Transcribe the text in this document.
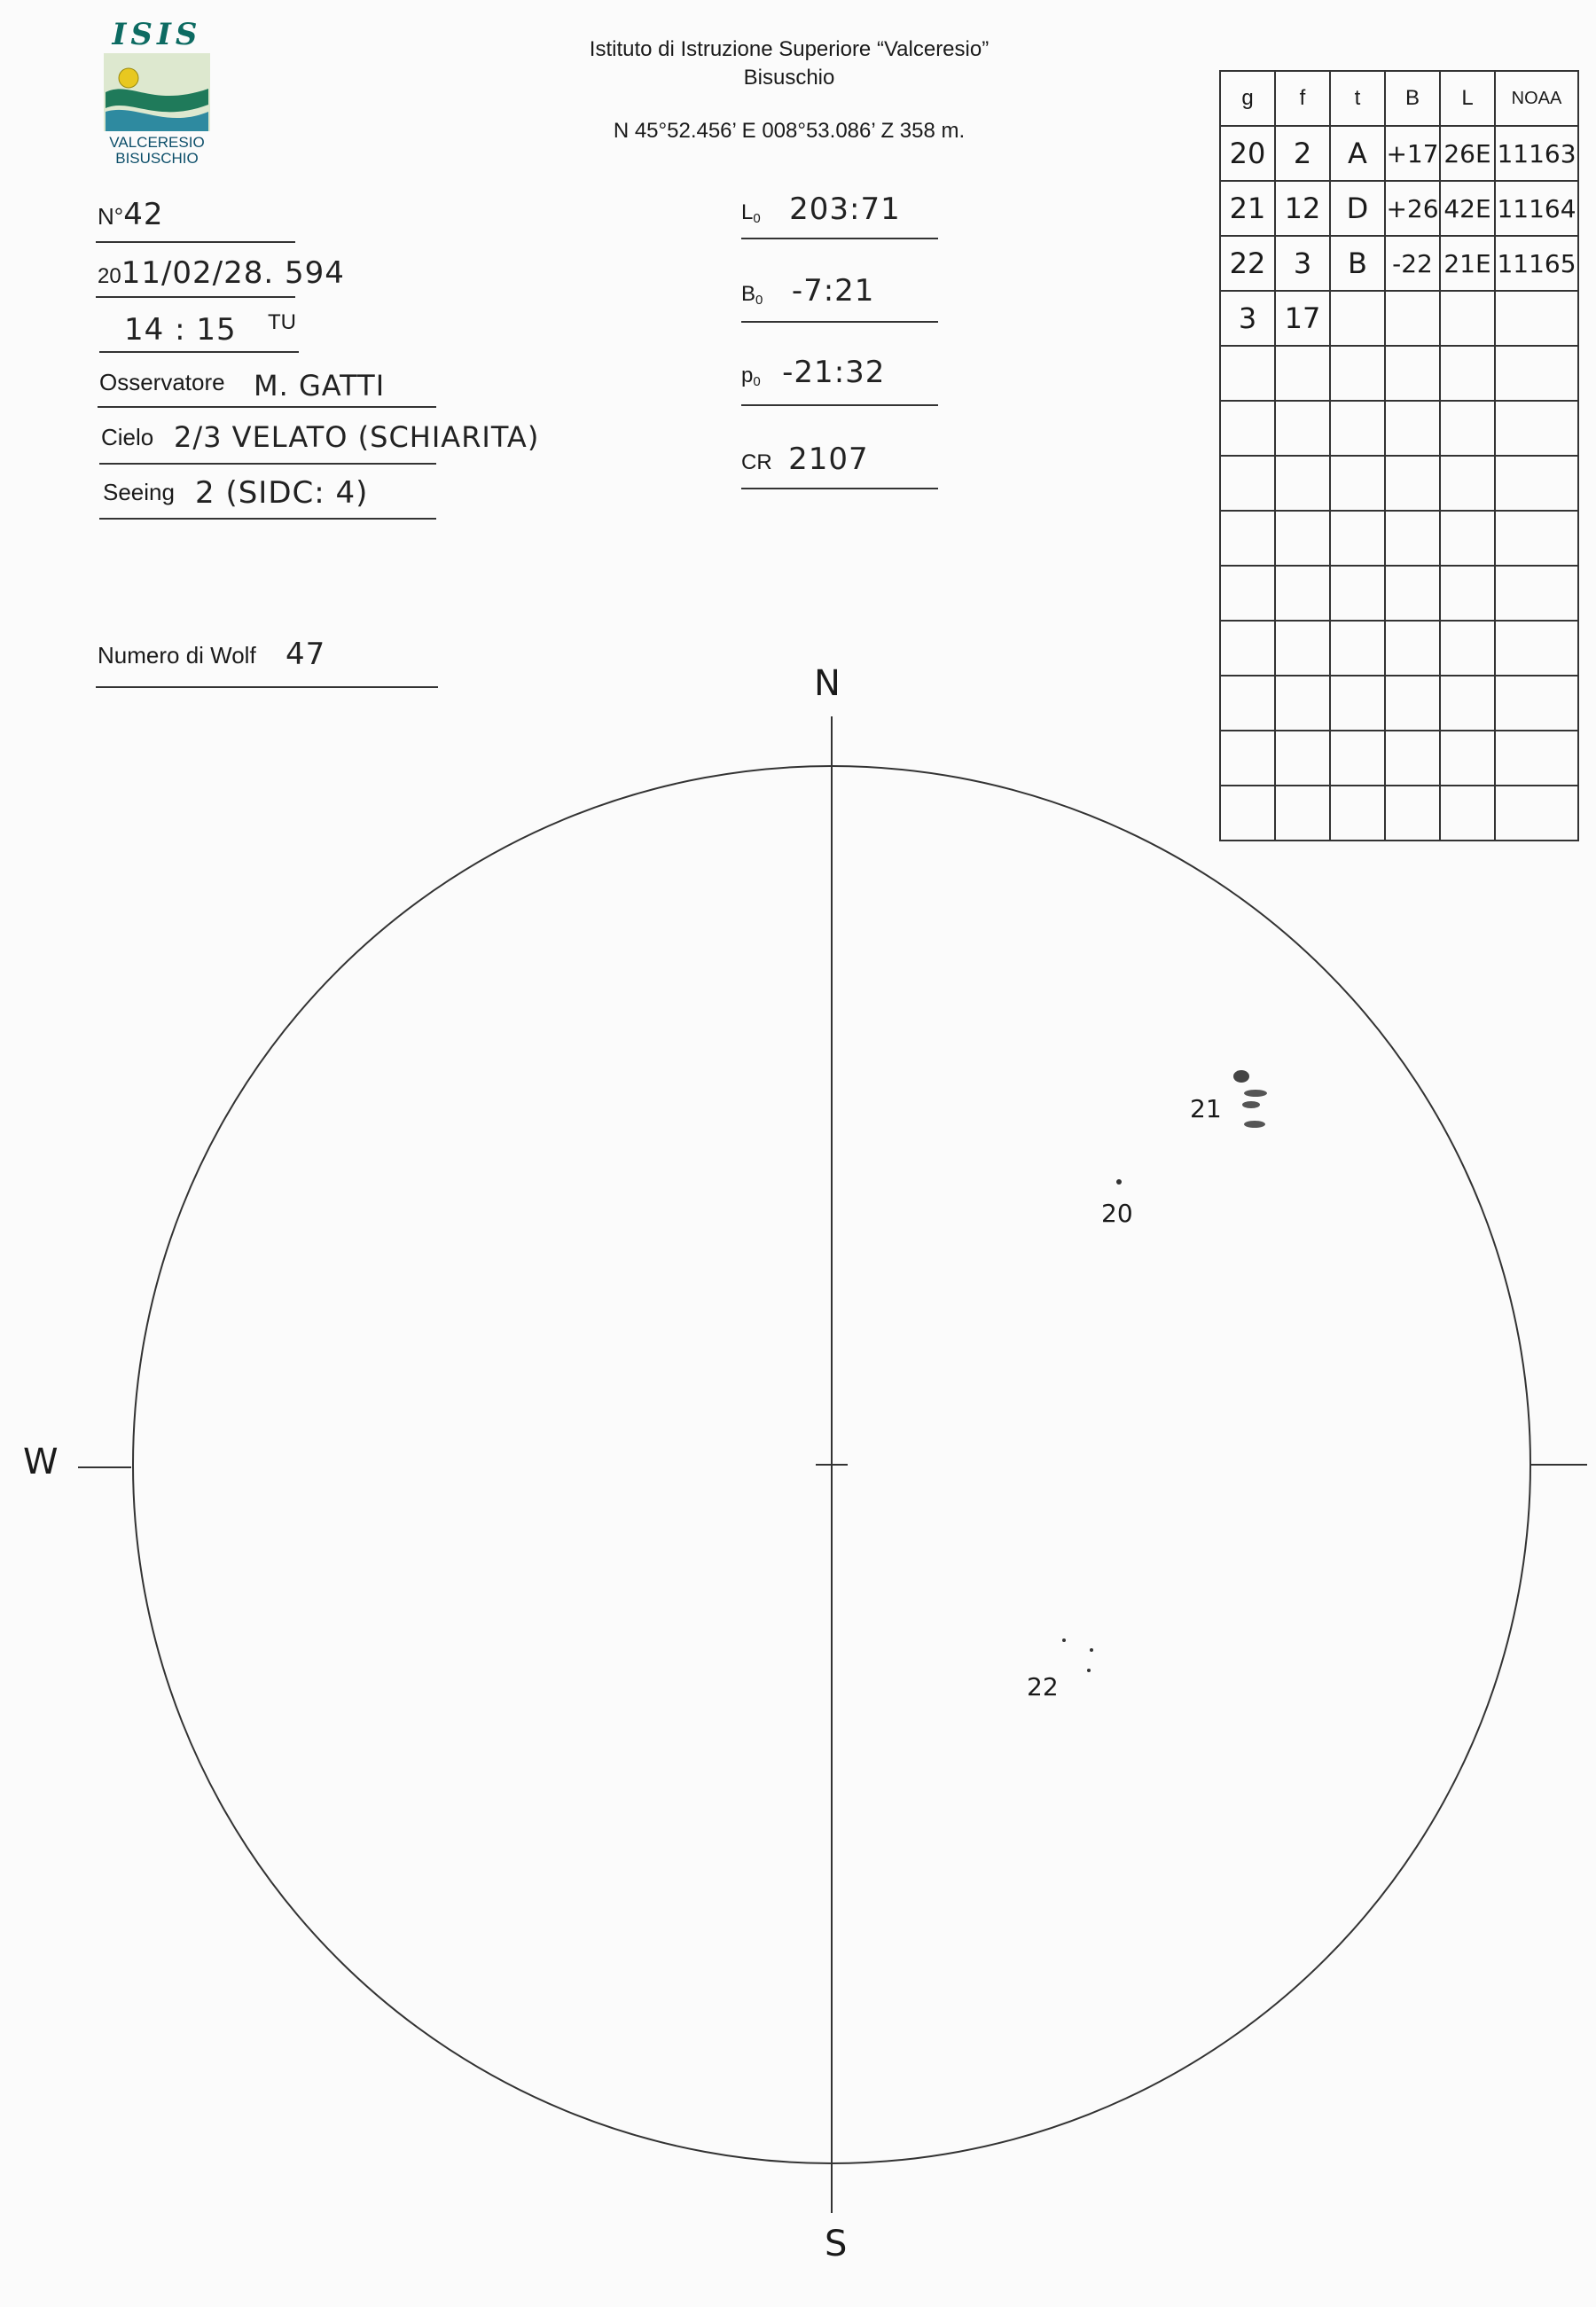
ISIS
VALCERESIO
BISUSCHIO
Istituto di Istruzione Superiore “Valceresio”
Bisuschio
N 45°52.456’ E 008°53.086’ Z 358 m.
N°42
2011/02/28. 594
14 : 15 TU
Osservatore M. GATTI
Cielo 2/3 VELATO (SCHIARITA)
Seeing 2 (SIDC: 4)
Numero di Wolf 47
$L_0$ 203:71
$B_0$ -7:21
$p_0$ -21:32
CR 2107
g	f	t	B	L	NOAA
20	2	A	+17	26E	11163
21	12	D	+26	42E	11164
22	3	B	-22	21E	11165
3	17				

N
S
W
20
21
22
